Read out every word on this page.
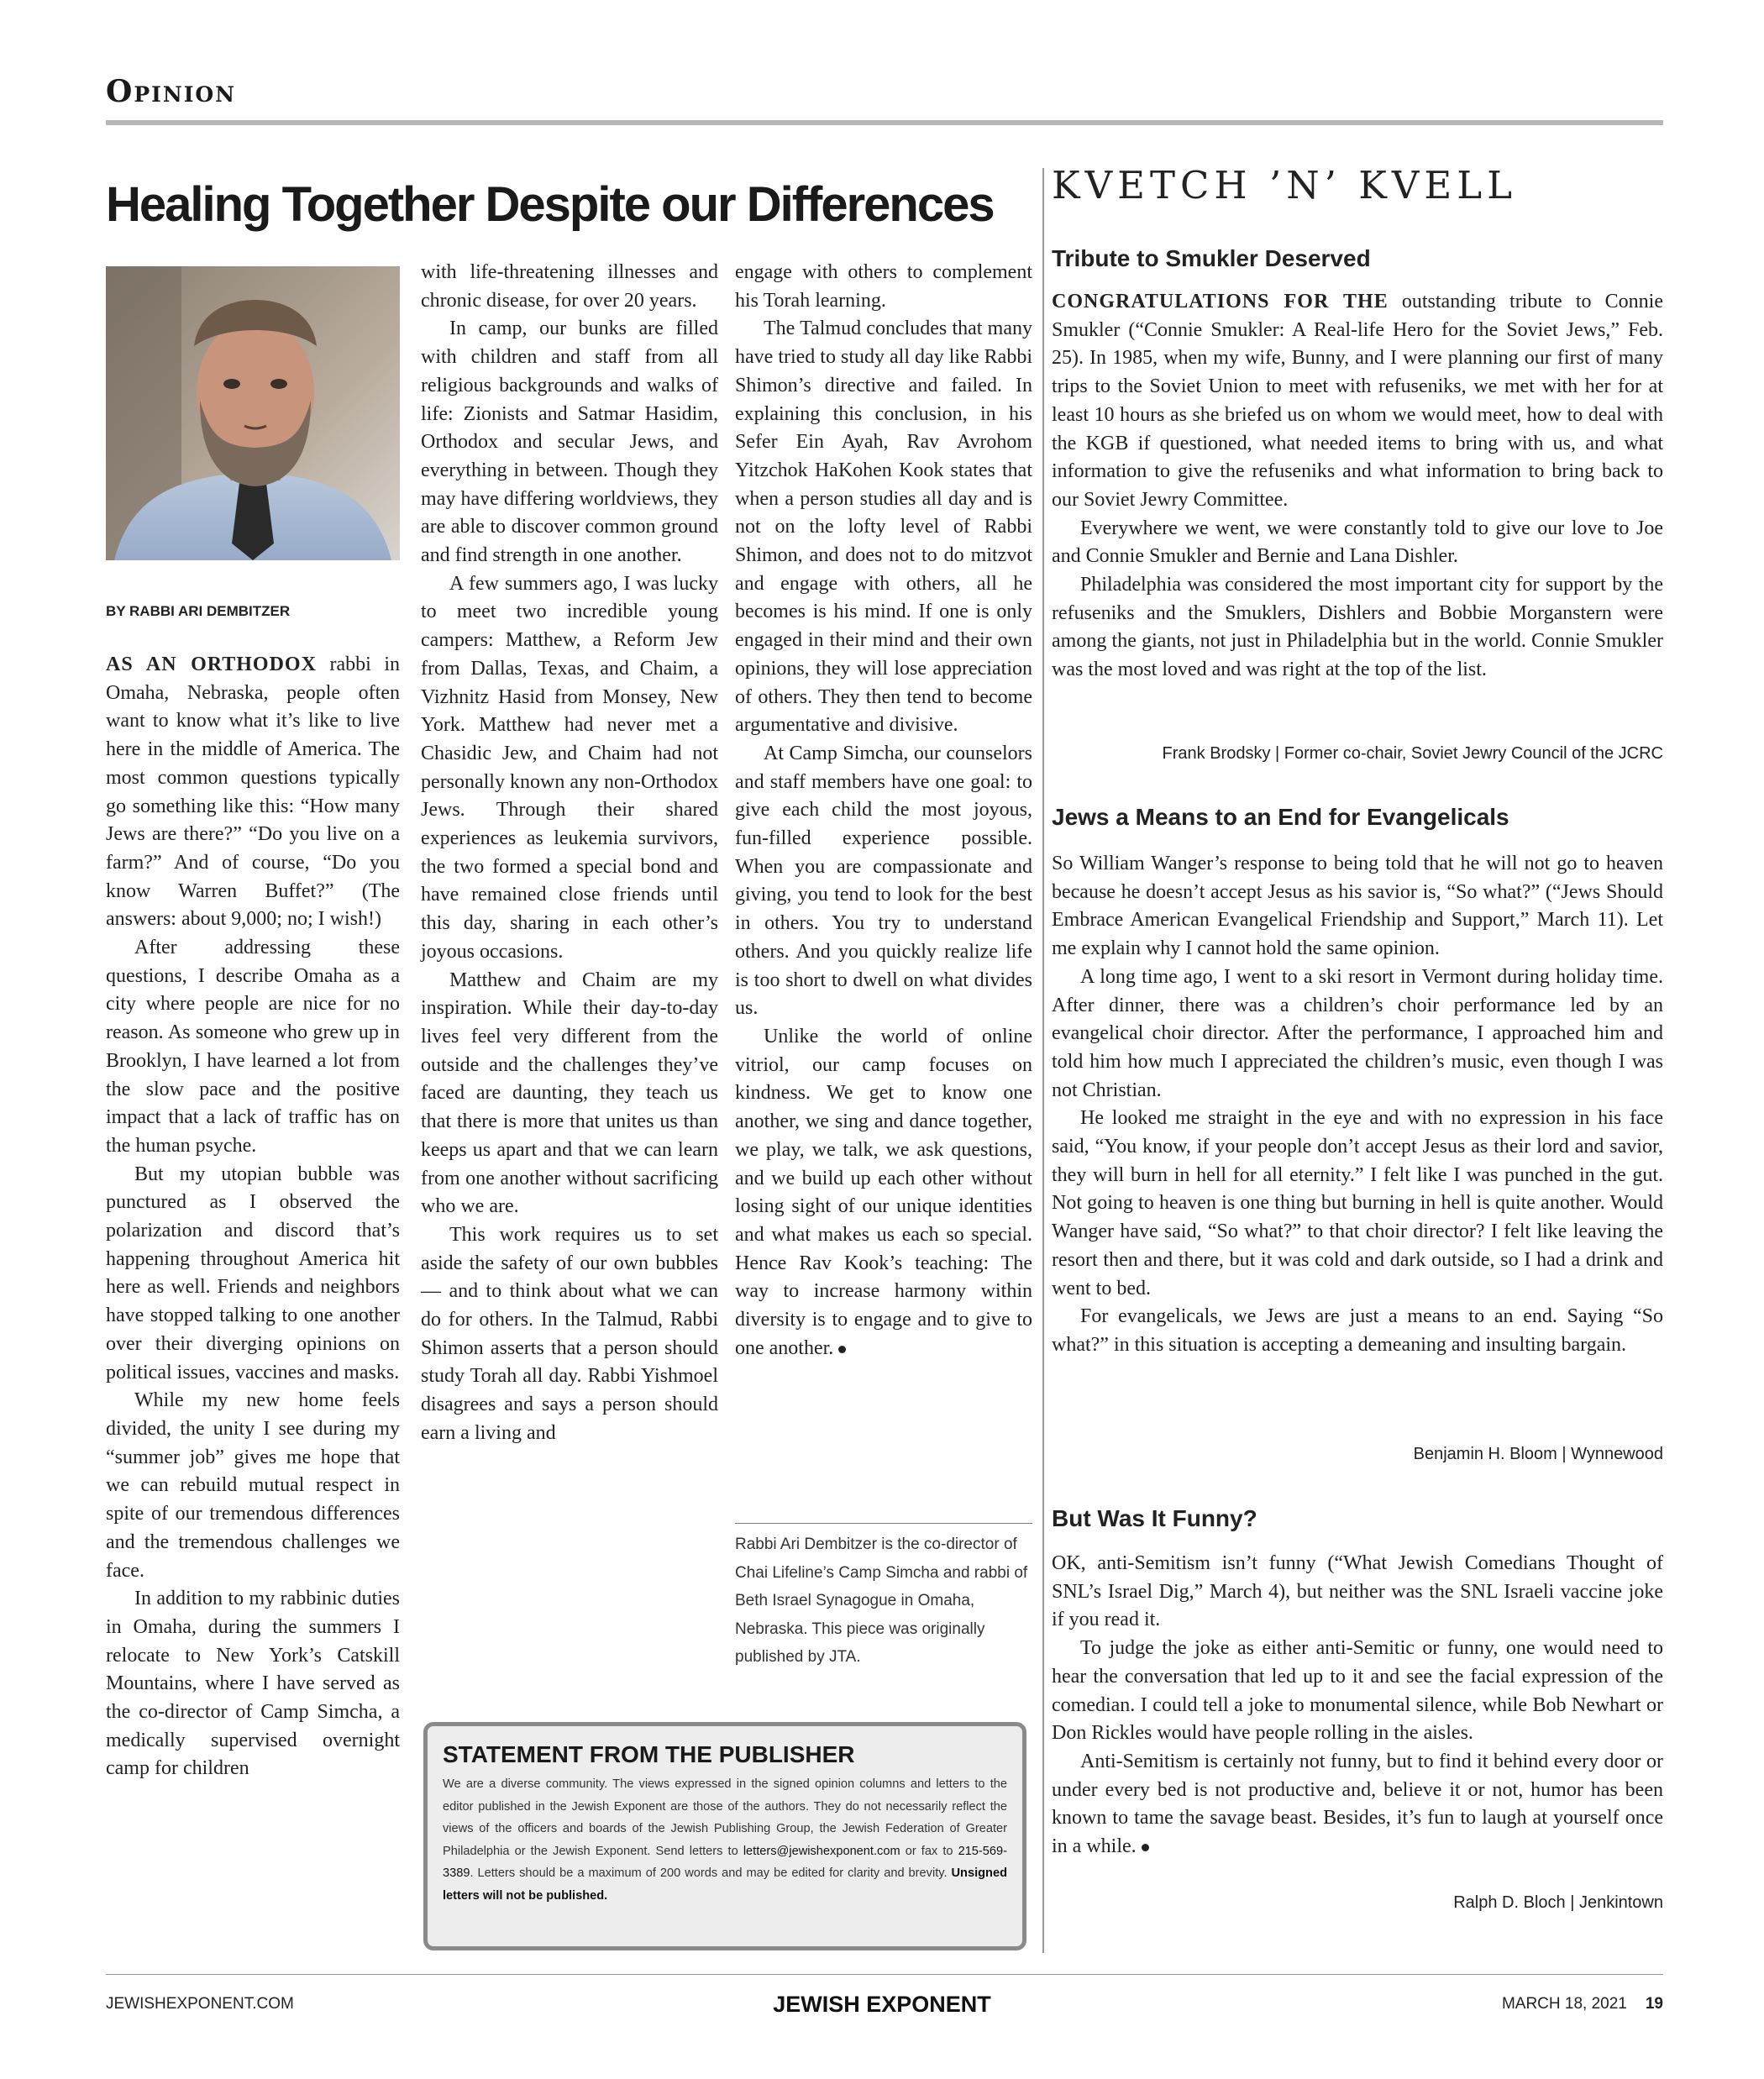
Opinion
Healing Together Despite our Differences
BY RABBI ARI DEMBITZER

AS AN ORTHODOX rabbi in Omaha, Nebraska, people often want to know what it’s like to live here in the middle of America. The most common questions typically go something like this: “How many Jews are there?” “Do you live on a farm?” And of course, “Do you know Warren Buffet?” (The answers: about 9,000; no; I wish!)

After addressing these questions, I describe Omaha as a city where people are nice for no reason. As someone who grew up in Brooklyn, I have learned a lot from the slow pace and the positive impact that a lack of traffic has on the human psyche.

But my utopian bubble was punctured as I observed the polarization and discord that’s happening throughout America hit here as well. Friends and neighbors have stopped talking to one another over their diverging opinions on political issues, vaccines and masks.

While my new home feels divided, the unity I see during my “summer job” gives me hope that we can rebuild mutual respect in spite of our tremendous differences and the tremendous challenges we face.

In addition to my rabbinic duties in Omaha, during the summers I relocate to New York’s Catskill Mountains, where I have served as the co-director of Camp Simcha, a medically supervised overnight camp for children

with life-threatening illnesses and chronic disease, for over 20 years.

In camp, our bunks are filled with children and staff from all religious backgrounds and walks of life: Zionists and Satmar Hasidim, Orthodox and secular Jews, and everything in between. Though they may have differing worldviews, they are able to discover common ground and find strength in one another.

A few summers ago, I was lucky to meet two incredible young campers: Matthew, a Reform Jew from Dallas, Texas, and Chaim, a Vizhnitz Hasid from Monsey, New York. Matthew had never met a Chasidic Jew, and Chaim had not personally known any non-Orthodox Jews. Through their shared experiences as leukemia survivors, the two formed a special bond and have remained close friends until this day, sharing in each other’s joyous occasions.

Matthew and Chaim are my inspiration. While their day-to-day lives feel very different from the outside and the challenges they’ve faced are daunting, they teach us that there is more that unites us than keeps us apart and that we can learn from one another without sacrificing who we are.

This work requires us to set aside the safety of our own bubbles — and to think about what we can do for others. In the Talmud, Rabbi Shimon asserts that a person should study Torah all day. Rabbi Yishmoel disagrees and says a person should earn a living and

engage with others to complement his Torah learning.

The Talmud concludes that many have tried to study all day like Rabbi Shimon’s directive and failed. In explaining this conclusion, in his Sefer Ein Ayah, Rav Avrohom Yitzchok HaKohen Kook states that when a person studies all day and is not on the lofty level of Rabbi Shimon, and does not to do mitzvot and engage with others, all he becomes is his mind. If one is only engaged in their mind and their own opinions, they will lose appreciation of others. They then tend to become argumentative and divisive.

At Camp Simcha, our counselors and staff members have one goal: to give each child the most joyous, fun-filled experience possible. When you are compassionate and giving, you tend to look for the best in others. You try to understand others. And you quickly realize life is too short to dwell on what divides us.

Unlike the world of online vitriol, our camp focuses on kindness. We get to know one another, we sing and dance together, we play, we talk, we ask questions, and we build up each other without losing sight of our unique identities and what makes us each so special. Hence Rav Kook’s teaching: The way to increase harmony within diversity is to engage and to give to one another.

Rabbi Ari Dembitzer is the co-director of Chai Lifeline’s Camp Simcha and rabbi of Beth Israel Synagogue in Omaha, Nebraska. This piece was originally published by JTA.
STATEMENT FROM THE PUBLISHER
We are a diverse community. The views expressed in the signed opinion columns and letters to the editor published in the Jewish Exponent are those of the authors. They do not necessarily reflect the views of the officers and boards of the Jewish Publishing Group, the Jewish Federation of Greater Philadelphia or the Jewish Exponent. Send letters to letters@jewishexponent.com or fax to 215-569-3389. Letters should be a maximum of 200 words and may be edited for clarity and brevity. Unsigned letters will not be published.
KVETCH ’N’ KVELL
Tribute to Smukler Deserved

CONGRATULATIONS FOR THE outstanding tribute to Connie Smukler (“Connie Smukler: A Real-life Hero for the Soviet Jews,” Feb. 25). In 1985, when my wife, Bunny, and I were planning our first of many trips to the Soviet Union to meet with refuseniks, we met with her for at least 10 hours as she briefed us on whom we would meet, how to deal with the KGB if questioned, what needed items to bring with us, and what information to give the refuseniks and what information to bring back to our Soviet Jewry Committee.

Everywhere we went, we were constantly told to give our love to Joe and Connie Smukler and Bernie and Lana Dishler.

Philadelphia was considered the most important city for support by the refuseniks and the Smuklers, Dishlers and Bobbie Morganstern were among the giants, not just in Philadelphia but in the world. Connie Smukler was the most loved and was right at the top of the list.

Frank Brodsky | Former co-chair, Soviet Jewry Council of the JCRC
Jews a Means to an End for Evangelicals

So William Wanger’s response to being told that he will not go to heaven because he doesn’t accept Jesus as his savior is, “So what?” (“Jews Should Embrace American Evangelical Friendship and Support,” March 11). Let me explain why I cannot hold the same opinion.

A long time ago, I went to a ski resort in Vermont during holiday time. After dinner, there was a children’s choir performance led by an evangelical choir director. After the performance, I approached him and told him how much I appreciated the children’s music, even though I was not Christian.

He looked me straight in the eye and with no expression in his face said, “You know, if your people don’t accept Jesus as their lord and savior, they will burn in hell for all eternity.” I felt like I was punched in the gut. Not going to heaven is one thing but burning in hell is quite another. Would Wanger have said, “So what?” to that choir director? I felt like leaving the resort then and there, but it was cold and dark outside, so I had a drink and went to bed.

For evangelicals, we Jews are just a means to an end. Saying “So what?” in this situation is accepting a demeaning and insulting bargain.

Benjamin H. Bloom | Wynnewood
But Was It Funny?

OK, anti-Semitism isn’t funny (“What Jewish Comedians Thought of SNL’s Israel Dig,” March 4), but neither was the SNL Israeli vaccine joke if you read it.

To judge the joke as either anti-Semitic or funny, one would need to hear the conversation that led up to it and see the facial expression of the comedian. I could tell a joke to monumental silence, while Bob Newhart or Don Rickles would have people rolling in the aisles.

Anti-Semitism is certainly not funny, but to find it behind every door or under every bed is not productive and, believe it or not, humor has been known to tame the savage beast. Besides, it’s fun to laugh at yourself once in a while.

Ralph D. Bloch | Jenkintown
JEWISHEXPONENT.COM	JEWISH EXPONENT	MARCH 18, 2021 19
